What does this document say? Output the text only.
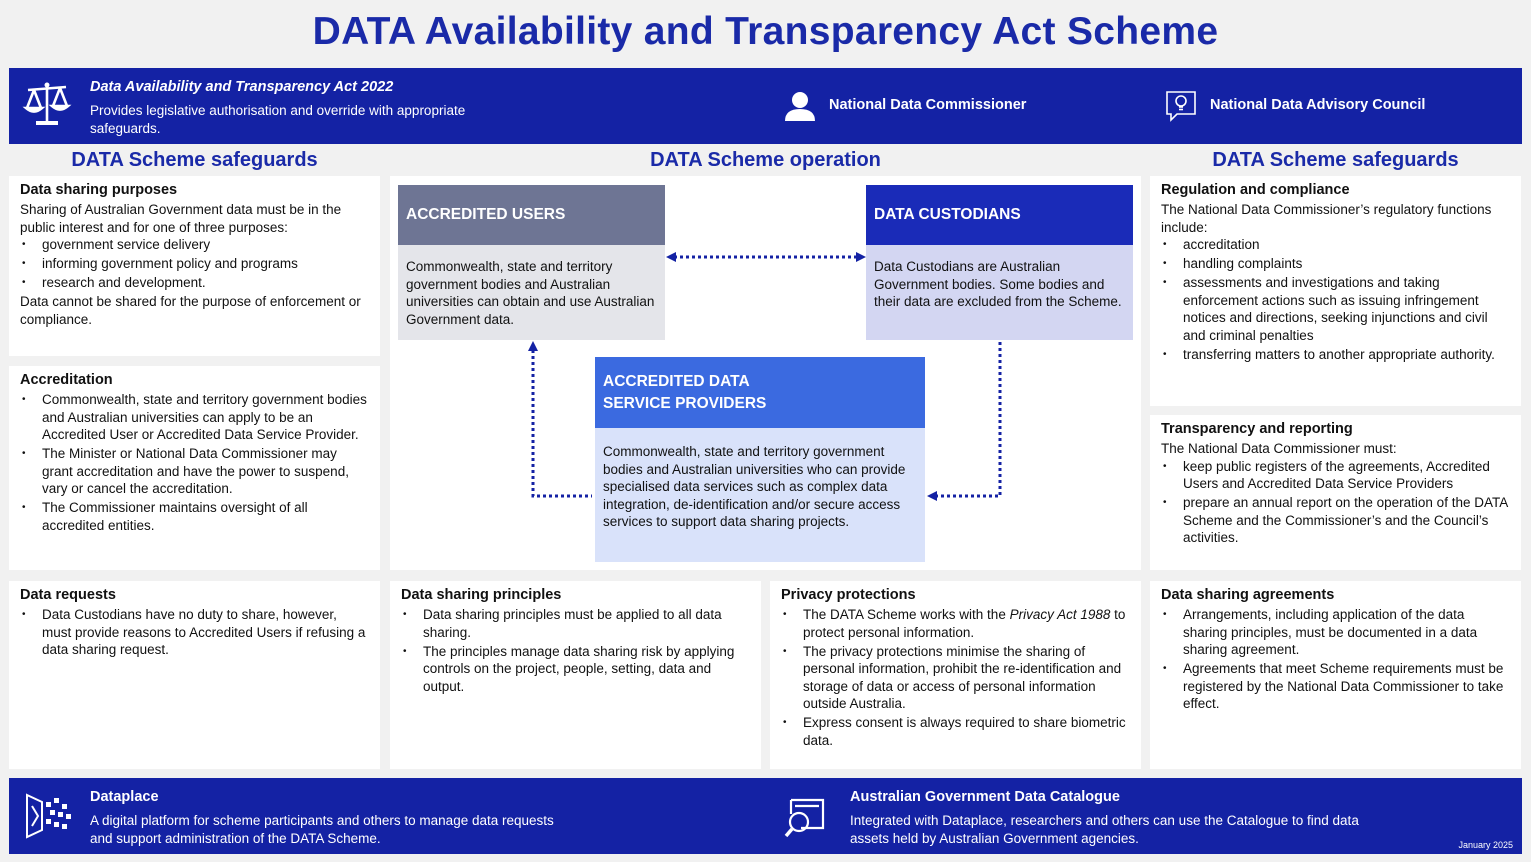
DATA Availability and Transparency Act Scheme
Data Availability and Transparency Act 2022
Provides legislative authorisation and override with appropriate safeguards.
National Data Commissioner	National Data Advisory Council
DATA Scheme safeguards	DATA Scheme operation	DATA Scheme safeguards
Data sharing purposes

Sharing of Australian Government data must be in the public interest and for one of three purposes:

• government service delivery
• informing government policy and programs
• research and development.

Data cannot be shared for the purpose of enforcement or compliance.

Accreditation
• Commonwealth, state and territory government bodies and Australian universities can apply to be an Accredited User or Accredited Data Service Provider.
• The Minister or National Data Commissioner may grant accreditation and have the power to suspend, vary or cancel the accreditation.
• The Commissioner maintains oversight of all accredited entities.
ACCREDITED USERS
Commonwealth, state and territory government bodies and Australian universities can obtain and use Australian Government data.
DATA CUSTODIANS
Data Custodians are Australian Government bodies. Some bodies and their data are excluded from the Scheme.
ACCREDITED DATA
SERVICE PROVIDERS
Commonwealth, state and territory government bodies and Australian universities who can provide specialised data services such as complex data integration, de-identification and/or secure access services to support data sharing projects.
Regulation and compliance

The National Data Commissioner’s regulatory functions include:

• accreditation
• handling complaints
• assessments and investigations and taking enforcement actions such as issuing infringement notices and directions, seeking injunctions and civil and criminal penalties
• transferring matters to another appropriate authority.
Transparency and reporting

The National Data Commissioner must:

• keep public registers of the agreements, Accredited Users and Accredited Data Service Providers
• prepare an annual report on the operation of the DATA Scheme and the Commissioner’s and the Council’s activities.
Data requests
• Data Custodians have no duty to share, however, must provide reasons to Accredited Users if refusing a data sharing request.
Data sharing principles
• Data sharing principles must be applied to all data sharing.
• The principles manage data sharing risk by applying controls on the project, people, setting, data and output.
Privacy protections
• The DATA Scheme works with the Privacy Act 1988 to protect personal information.
• The privacy protections minimise the sharing of personal information, prohibit the re-identification and storage of data or access of personal information outside Australia.
• Express consent is always required to share biometric data.
Data sharing agreements
• Arrangements, including application of the data sharing principles, must be documented in a data sharing agreement.
• Agreements that meet Scheme requirements must be registered by the National Data Commissioner to take effect.
Dataplace
A digital platform for scheme participants and others to manage data requests and support administration of the DATA Scheme.
Australian Government Data Catalogue
Integrated with Dataplace, researchers and others can use the Catalogue to find data assets held by Australian Government agencies.	January 2025
